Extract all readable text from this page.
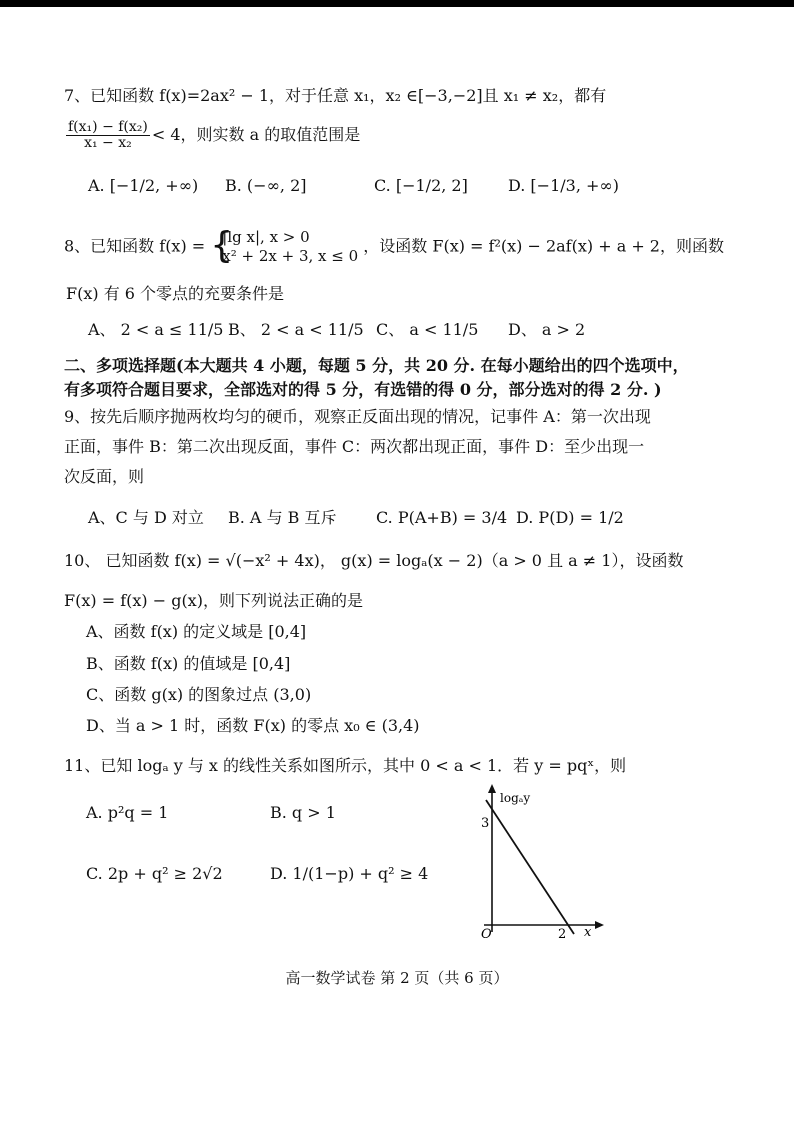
7、已知函数 f(x)=2ax² − 1，对于任意 x₁，x₂ ∈[−3,−2]且 x₁ ≠ x₂，都有
$\frac{\text{f(x₁) − f(x₂)}}{\text{x₁ − x₂}} < 4$，则实数 a 的取值范围是
A. [−1/2, +∞) B. (−∞, 2]	C. [−1/2, 2]	D. [−1/3, +∞)
8、已知函数 f(x) = {
|lg x|, x > 0
x² + 2x + 3, x ≤ 0
，设函数 F(x) = f²(x) − 2af(x) + a + 2，则函数
F(x) 有 6 个零点的充要条件是
A、 2 < a ≤ 11/5 B、 2 < a < 11/5 C、 a < 11/5 D、 a > 2
二、多项选择题(本大题共 4 小题，每题 5 分，共 20 分. 在每小题给出的四个选项中，
有多项符合题目要求，全部选对的得 5 分，有选错的得 0 分，部分选对的得 2 分. )
9、按先后顺序抛两枚均匀的硬币，观察正反面出现的情况，记事件 A：第一次出现
正面，事件 B：第二次出现反面，事件 C：两次都出现正面，事件 D：至少出现一
次反面，则
A、C 与 D 对立 B. A 与 B 互斥 C. P(A+B) = 3/4 D. P(D) = 1/2
10、 已知函数 f(x) = √(−x² + 4x)， g(x) = logₐ(x − 2)（a > 0 且 a ≠ 1），设函数
F(x) = f(x) − g(x)，则下列说法正确的是
A、函数 f(x) 的定义域是 [0,4]
B、函数 f(x) 的值域是 [0,4]
C、函数 g(x) 的图象过点 (3,0)
D、当 a > 1 时，函数 F(x) 的零点 x₀ ∈ (3,4)
11、已知 logₐ y 与 x 的线性关系如图所示，其中 0 < a < 1．若 y = pqˣ，则
A. p²q = 1	B. q > 1
C. 2p + q² ≥ 2√2	D. 1/(1−p) + q² ≥ 4
logₐy
3
O	2 x
高一数学试卷 第 2 页（共 6 页）
